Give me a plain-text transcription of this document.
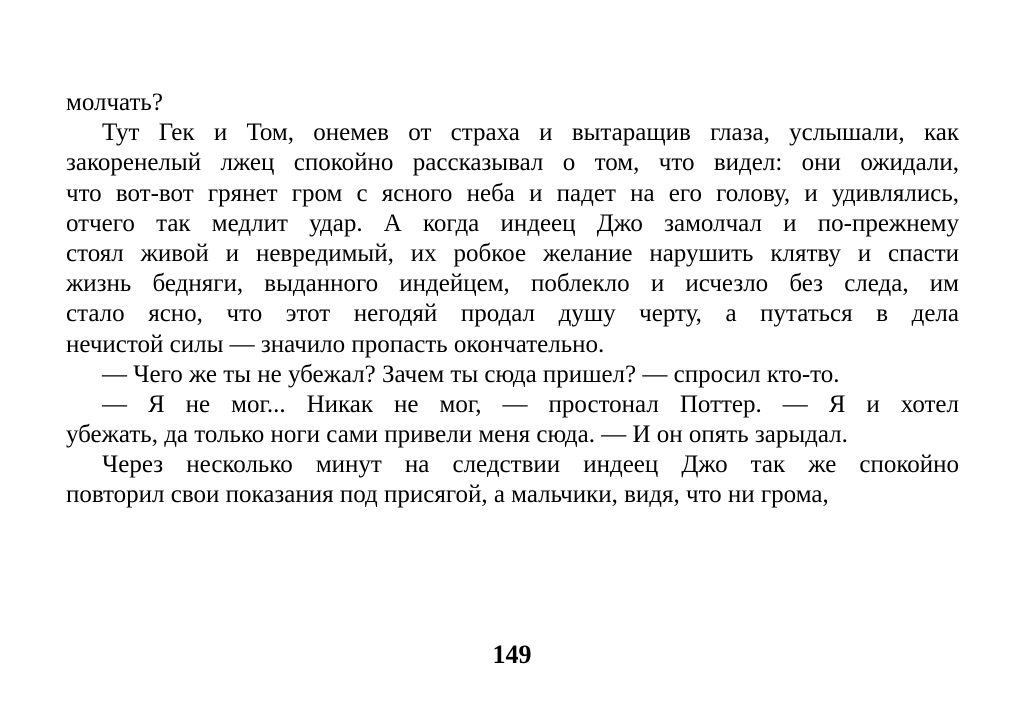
молчать?
Тут Гек и Том, онемев от страха и вытаращив глаза, услышали, как
закоренелый лжец спокойно рассказывал о том, что видел: они ожидали,
что вот-вот грянет гром с ясного неба и падет на его голову, и удивлялись,
отчего так медлит удар. А когда индеец Джо замолчал и по-прежнему
стоял живой и невредимый, их робкое желание нарушить клятву и спасти
жизнь бедняги, выданного индейцем, поблекло и исчезло без следа, им
стало ясно, что этот негодяй продал душу черту, а путаться в дела
нечистой силы — значило пропасть окончательно.
— Чего же ты не убежал? Зачем ты сюда пришел? — спросил кто-то.
— Я не мог... Никак не мог, — простонал Поттер. — Я и хотел
убежать, да только ноги сами привели меня сюда. — И он опять зарыдал.
Через несколько минут на следствии индеец Джо так же спокойно
повторил свои показания под присягой, а мальчики, видя, что ни грома,
149
